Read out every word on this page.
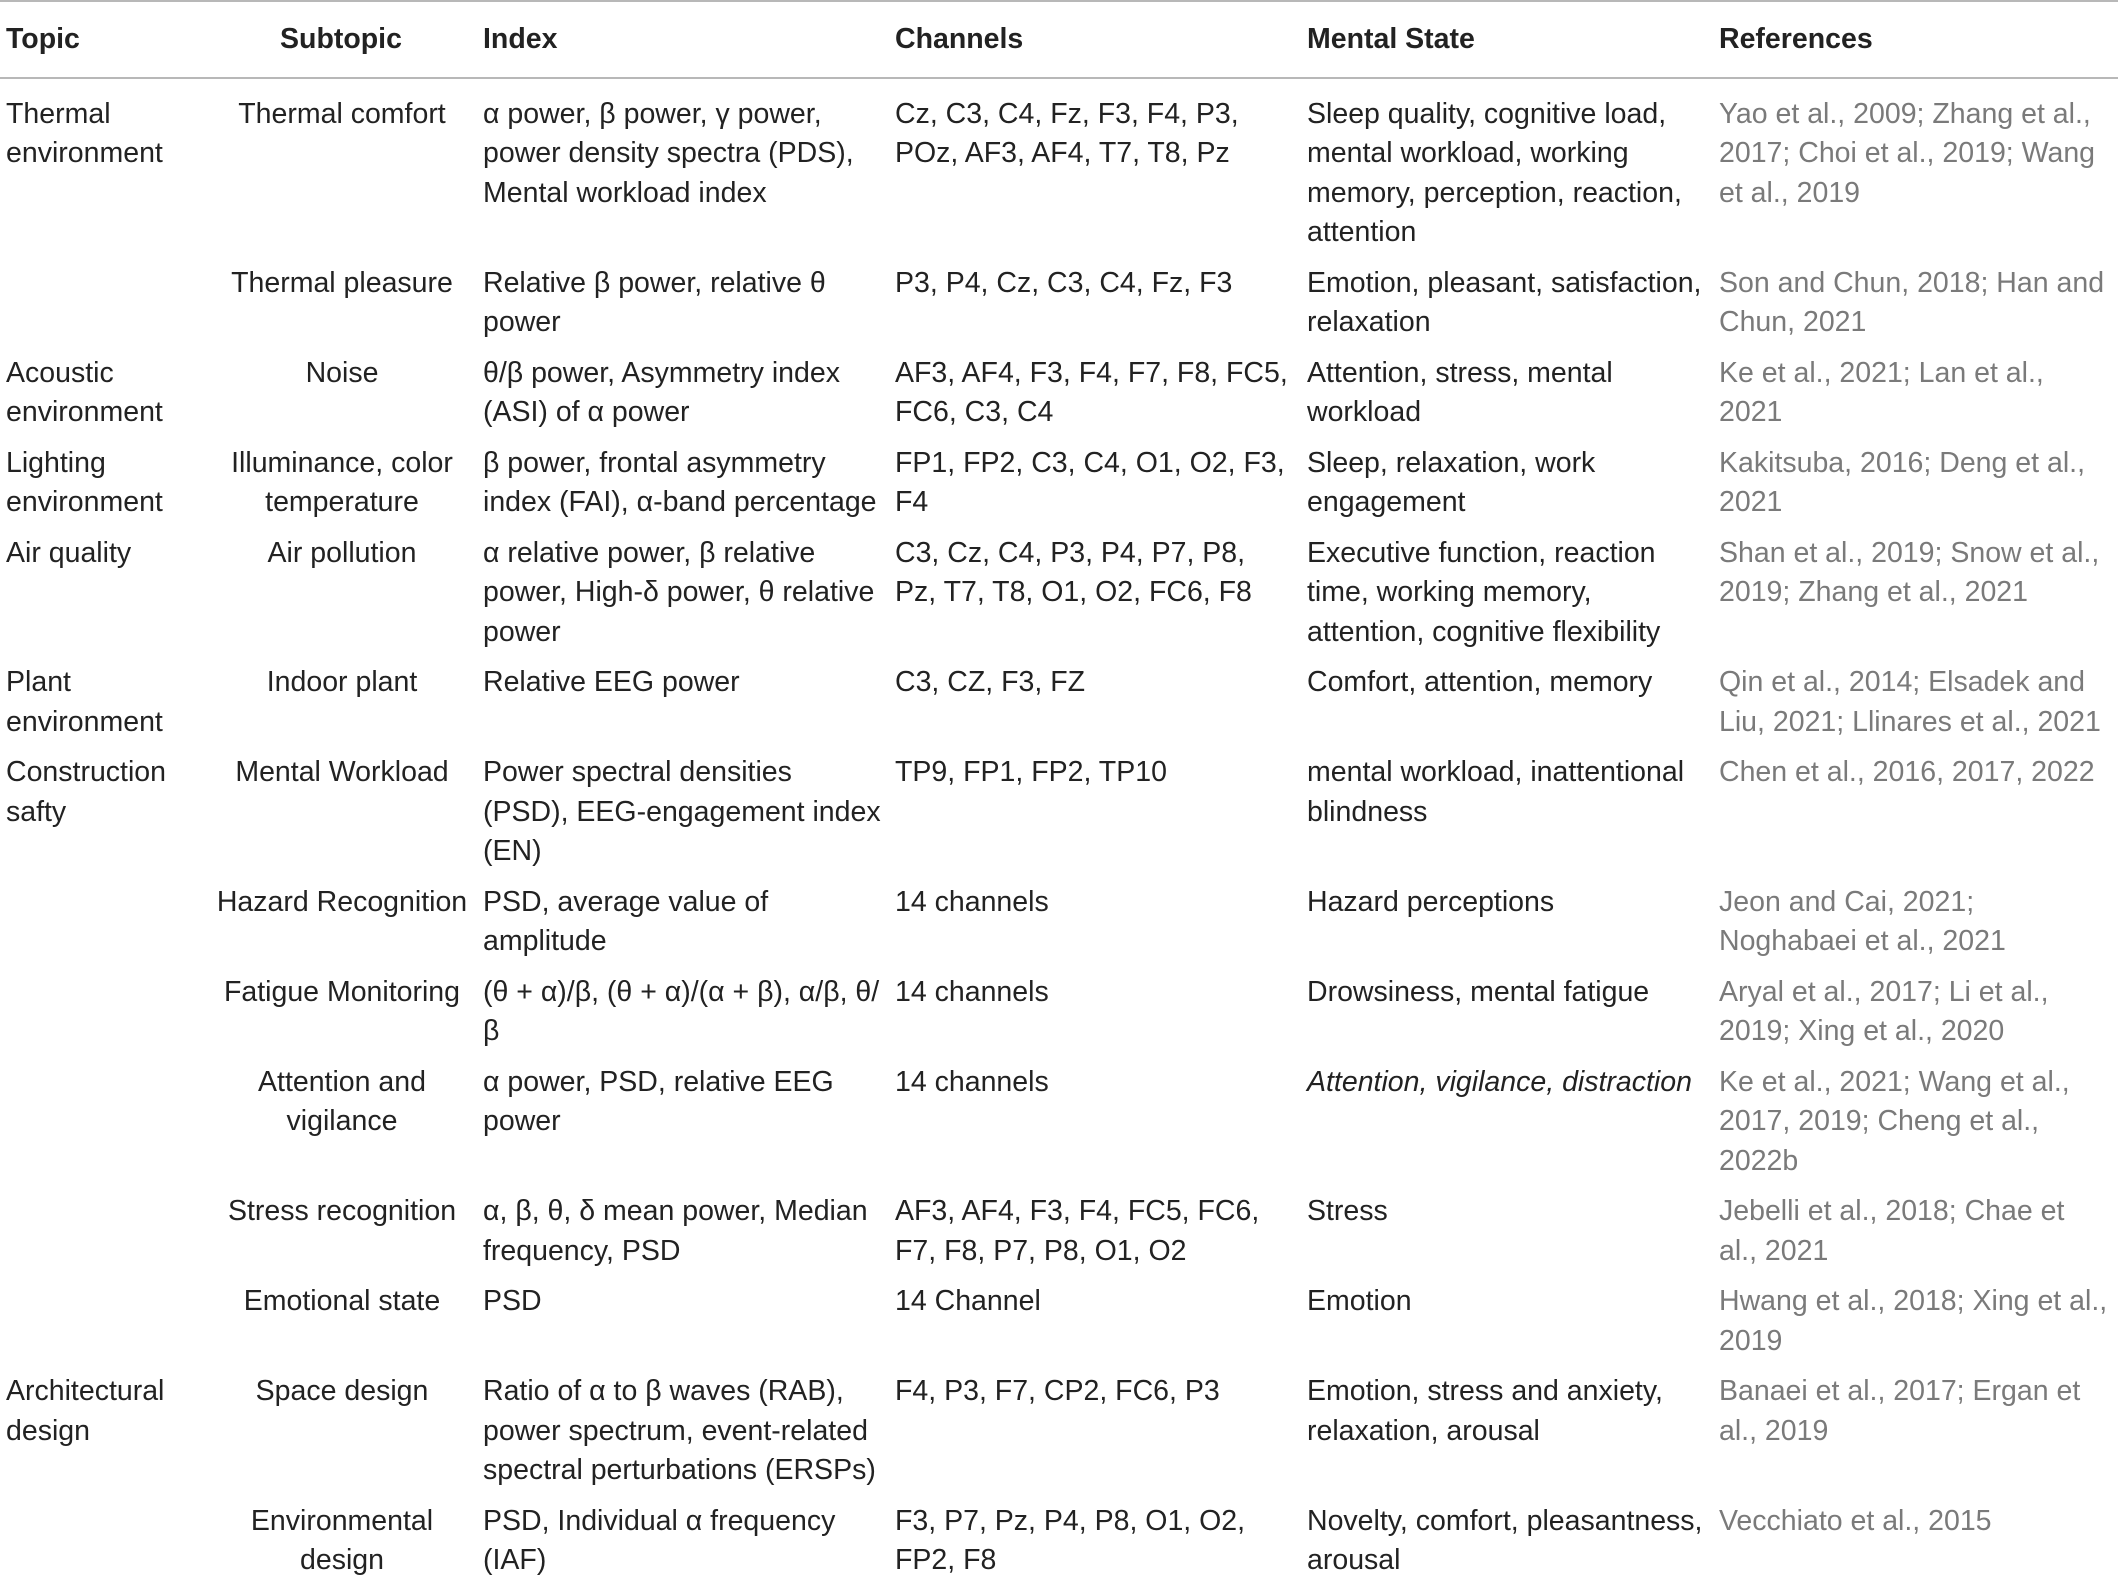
Topic	Subtopic	Index	Channels	Mental State	References
Thermal environment	Thermal comfort	α power, β power, γ power, power density spectra (PDS), Mental workload index	Cz, C3, C4, Fz, F3, F4, P3, POz, AF3, AF4, T7, T8, Pz	Sleep quality, cognitive load, mental workload, working memory, perception, reaction, attention	Yao et al., 2009; Zhang et al., 2017; Choi et al., 2019; Wang et al., 2019
	Thermal pleasure	Relative β power, relative θ power	P3, P4, Cz, C3, C4, Fz, F3	Emotion, pleasant, satisfaction, relaxation	Son and Chun, 2018; Han and Chun, 2021
Acoustic environment	Noise	θ/β power, Asymmetry index (ASI) of α power	AF3, AF4, F3, F4, F7, F8, FC5, FC6, C3, C4	Attention, stress, mental workload	Ke et al., 2021; Lan et al., 2021
Lighting environment	Illuminance, color temperature	β power, frontal asymmetry index (FAI), α-band percentage	FP1, FP2, C3, C4, O1, O2, F3, F4	Sleep, relaxation, work engagement	Kakitsuba, 2016; Deng et al., 2021
Air quality	Air pollution	α relative power, β relative power, High-δ power, θ relative power	C3, Cz, C4, P3, P4, P7, P8, Pz, T7, T8, O1, O2, FC6, F8	Executive function, reaction time, working memory, attention, cognitive flexibility	Shan et al., 2019; Snow et al., 2019; Zhang et al., 2021
Plant environment	Indoor plant	Relative EEG power	C3, CZ, F3, FZ	Comfort, attention, memory	Qin et al., 2014; Elsadek and Liu, 2021; Llinares et al., 2021
Construction safty	Mental Workload	Power spectral densities (PSD), EEG-engagement index (EN)	TP9, FP1, FP2, TP10	mental workload, inattentional blindness	Chen et al., 2016, 2017, 2022
	Hazard Recognition	PSD, average value of amplitude	14 channels	Hazard perceptions	Jeon and Cai, 2021; Noghabaei et al., 2021
	Fatigue Monitoring	(θ + α)/β, (θ + α)/(α + β), α/β, θ/β	14 channels	Drowsiness, mental fatigue	Aryal et al., 2017; Li et al., 2019; Xing et al., 2020
	Attention and vigilance	α power, PSD, relative EEG power	14 channels	Attention, vigilance, distraction	Ke et al., 2021; Wang et al., 2017, 2019; Cheng et al., 2022b
	Stress recognition	α, β, θ, δ mean power, Median frequency, PSD	AF3, AF4, F3, F4, FC5, FC6, F7, F8, P7, P8, O1, O2	Stress	Jebelli et al., 2018; Chae et al., 2021
	Emotional state	PSD	14 Channel	Emotion	Hwang et al., 2018; Xing et al., 2019
Architectural design	Space design	Ratio of α to β waves (RAB), power spectrum, event-related spectral perturbations (ERSPs)	F4, P3, F7, CP2, FC6, P3	Emotion, stress and anxiety, relaxation, arousal	Banaei et al., 2017; Ergan et al., 2019
	Environmental design	PSD, Individual α frequency (IAF)	F3, P7, Pz, P4, P8, O1, O2, FP2, F8	Novelty, comfort, pleasantness, arousal	Vecchiato et al., 2015
